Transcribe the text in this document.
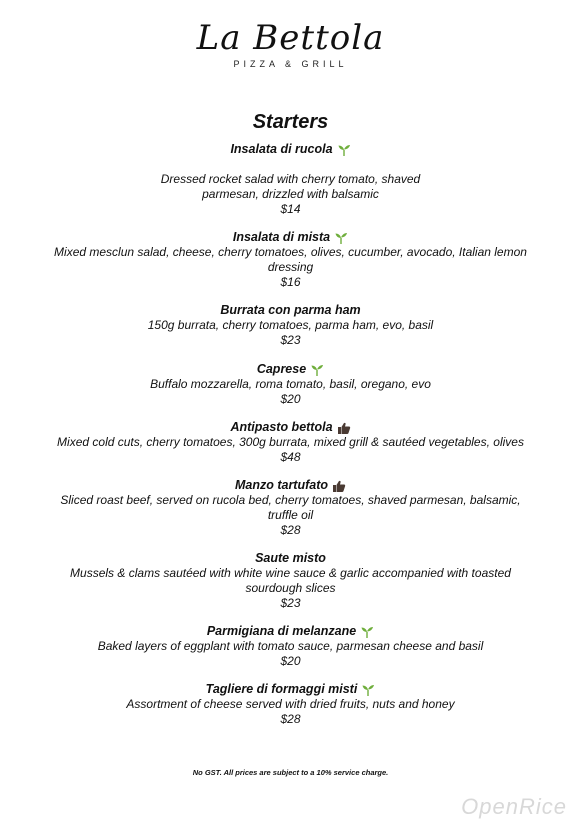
La Bettola
PIZZA & GRILL
Starters
Insalata di rucola
Dressed rocket salad with cherry tomato, shaved
parmesan, drizzled with balsamic
$14
Insalata di mista
Mixed mesclun salad, cheese, cherry tomatoes, olives, cucumber, avocado, Italian lemon
dressing
$16
Burrata con parma ham
150g burrata, cherry tomatoes, parma ham, evo, basil
$23
Caprese
Buffalo mozzarella, roma tomato, basil, oregano, evo
$20
Antipasto bettola
Mixed cold cuts, cherry tomatoes, 300g burrata, mixed grill & sautéed vegetables, olives
$48
Manzo tartufato
Sliced roast beef, served on rucola bed, cherry tomatoes, shaved parmesan, balsamic,
truffle oil
$28
Saute misto
Mussels & clams sautéed with white wine sauce & garlic accompanied with toasted
sourdough slices
$23
Parmigiana di melanzane
Baked layers of eggplant with tomato sauce, parmesan cheese and basil
$20
Tagliere di formaggi misti
Assortment of cheese served with dried fruits, nuts and honey
$28
No GST. All prices are subject to a 10% service charge.
OpenRice
